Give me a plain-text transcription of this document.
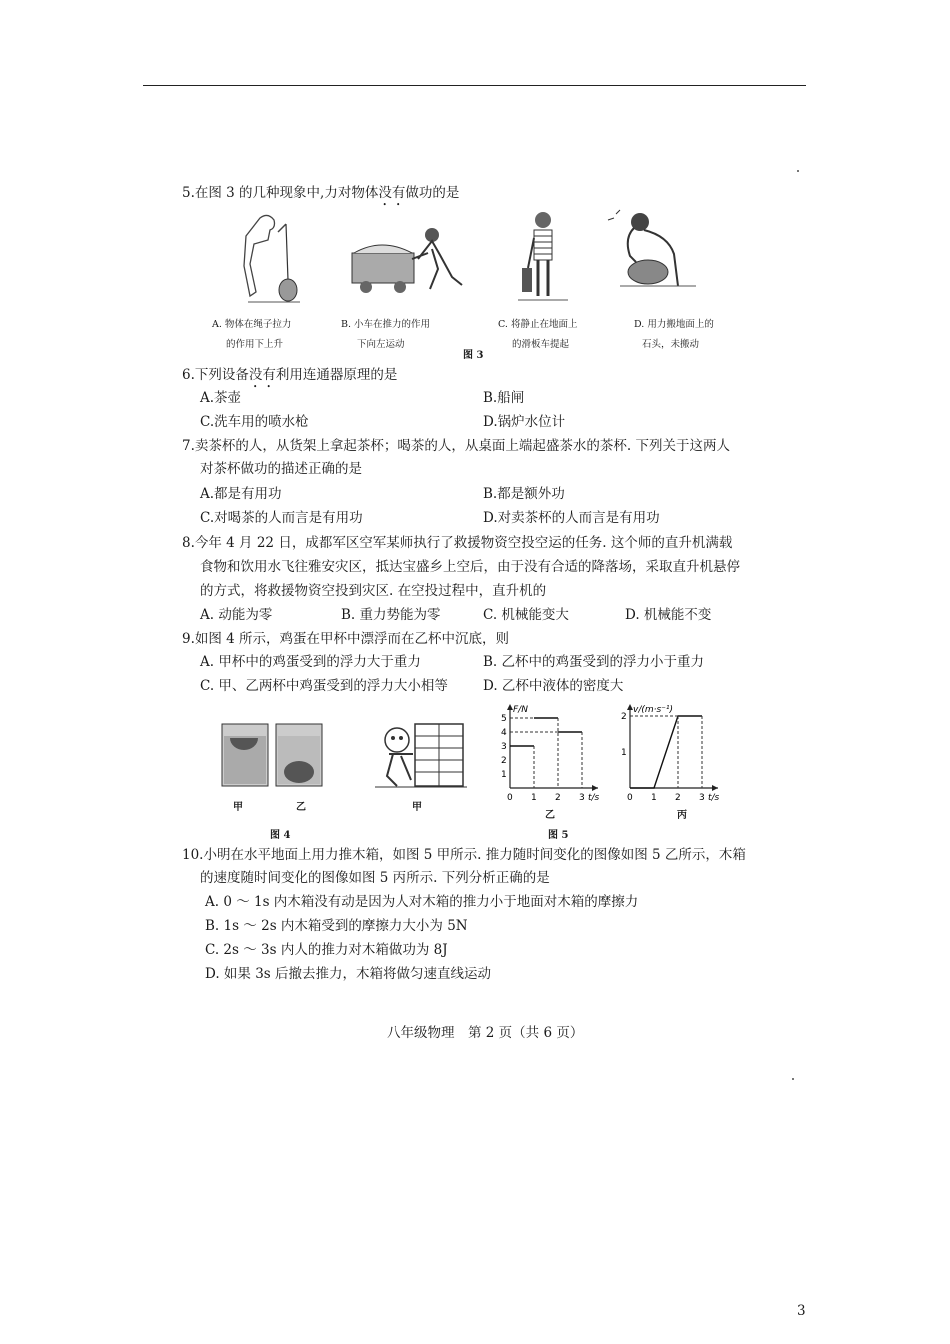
5.在图 3 的几种现象中,力对物体没有做功的是
A. 物体在绳子拉力
的作用下上升
B. 小车在推力的作用
下向左运动
图 3
C. 将静止在地面上
的滑板车提起
D. 用力搬地面上的
石头，未搬动
6.下列设备没有利用连通器原理的是
A.茶壶	B.船闸
C.洗车用的喷水枪	D.锅炉水位计
7.卖茶杯的人，从货架上拿起茶杯；喝茶的人，从桌面上端起盛茶水的茶杯. 下列关于这两人
对茶杯做功的描述正确的是
A.都是有用功	B.都是额外功
C.对喝茶的人而言是有用功	D.对卖茶杯的人而言是有用功
8.今年 4 月 22 日，成都军区空军某师执行了救援物资空投空运的任务. 这个师的直升机满载
食物和饮用水飞往雅安灾区，抵达宝盛乡上空后，由于没有合适的降落场，采取直升机悬停
的方式，将救援物资空投到灾区. 在空投过程中，直升机的
A. 动能为零	B. 重力势能为零	C. 机械能变大	D. 机械能不变
9.如图 4 所示，鸡蛋在甲杯中漂浮而在乙杯中沉底，则
A. 甲杯中的鸡蛋受到的浮力大于重力	B. 乙杯中的鸡蛋受到的浮力小于重力
C. 甲、乙两杯中鸡蛋受到的浮力大小相等	D. 乙杯中液体的密度大
甲	乙
图 4
甲
F/N
t/s
0 1 2 3
1
2
3
4
5
乙
v/(m·s⁻¹)
t/s
0 1 2 3
1
2
丙
图 5
10.小明在水平地面上用力推木箱，如图 5 甲所示. 推力随时间变化的图像如图 5 乙所示，木箱
的速度随时间变化的图像如图 5 丙所示. 下列分析正确的是
A. 0 ～ 1s 内木箱没有动是因为人对木箱的推力小于地面对木箱的摩擦力
B. 1s ～ 2s 内木箱受到的摩擦力大小为 5N
C. 2s ～ 3s 内人的推力对木箱做功为 8J
D. 如果 3s 后撤去推力，木箱将做匀速直线运动
八年级物理　第 2 页（共 6 页）
3
